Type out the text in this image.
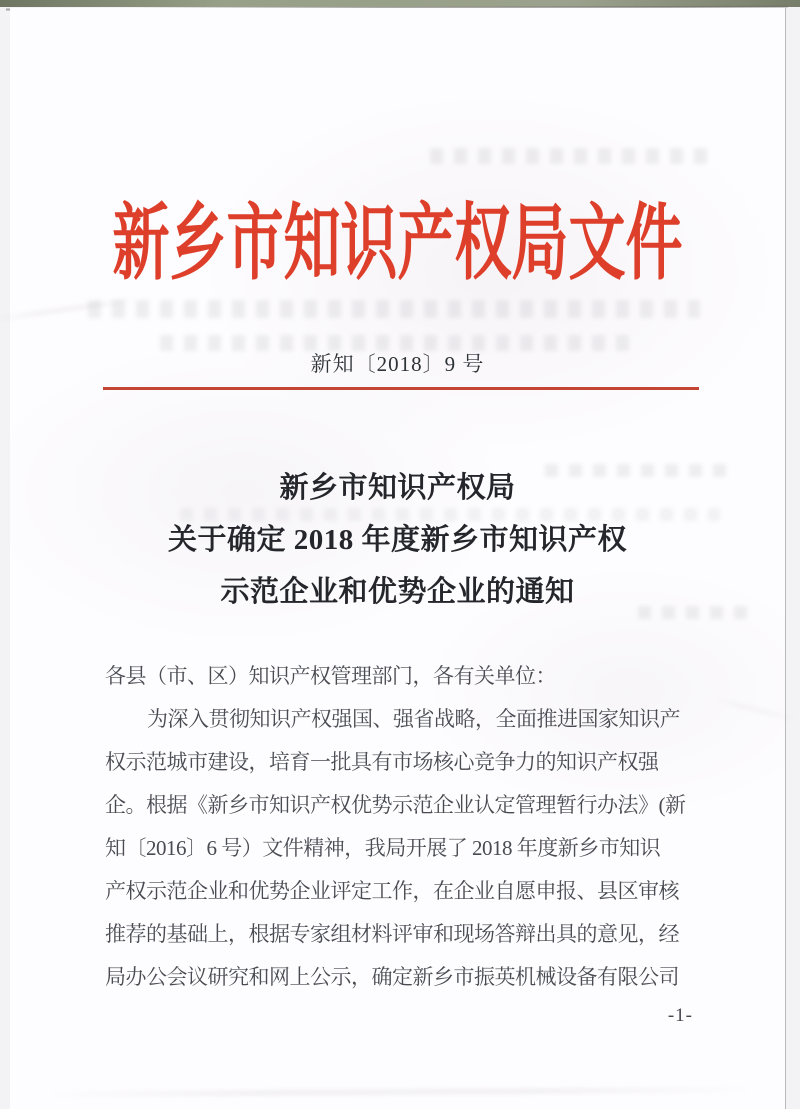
新乡市知识产权局文件
新知〔2018〕9 号
新乡市知识产权局
关于确定 2018 年度新乡市知识产权
示范企业和优势企业的通知
各县（市、区）知识产权管理部门，各有关单位：
为深入贯彻知识产权强国、强省战略，全面推进国家知识产
权示范城市建设，培育一批具有市场核心竞争力的知识产权强
企。根据《新乡市知识产权优势示范企业认定管理暂行办法》(新
知〔2016〕6 号）文件精神，我局开展了 2018 年度新乡市知识
产权示范企业和优势企业评定工作，在企业自愿申报、县区审核
推荐的基础上，根据专家组材料评审和现场答辩出具的意见，经
局办公会议研究和网上公示，确定新乡市振英机械设备有限公司
-1-
